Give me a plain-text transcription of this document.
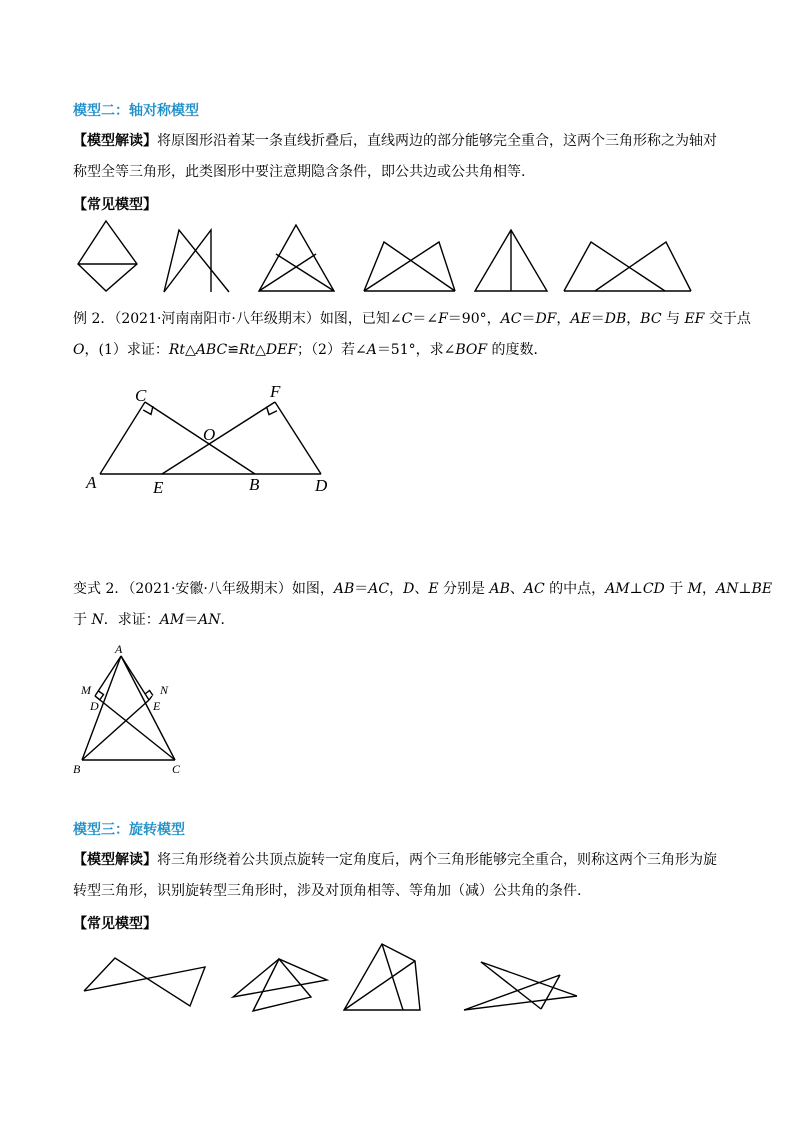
模型二：轴对称模型
【模型解读】将原图形沿着某一条直线折叠后，直线两边的部分能够完全重合，这两个三角形称之为轴对
称型全等三角形，此类图形中要注意期隐含条件，即公共边或公共角相等.
【常见模型】
例 2．（2021·河南南阳市·八年级期末）如图，已知∠C＝∠F＝90°，AC＝DF，AE＝DB，BC 与 EF 交于点
O，(1）求证：Rt△ABC≌Rt△DEF；（2）若∠A＝51°，求∠BOF 的度数．
C	F
O
A	E	B	D
变式 2．（2021·安徽·八年级期末）如图，AB＝AC，D、E 分别是 AB、AC 的中点，AM⊥CD 于 M，AN⊥BE
于 N．求证：AM＝AN．
A
M	N
D	E
B	C
模型三：旋转模型
【模型解读】将三角形绕着公共顶点旋转一定角度后，两个三角形能够完全重合，则称这两个三角形为旋
转型三角形，识别旋转型三角形时，涉及对顶角相等、等角加（减）公共角的条件.
【常见模型】
